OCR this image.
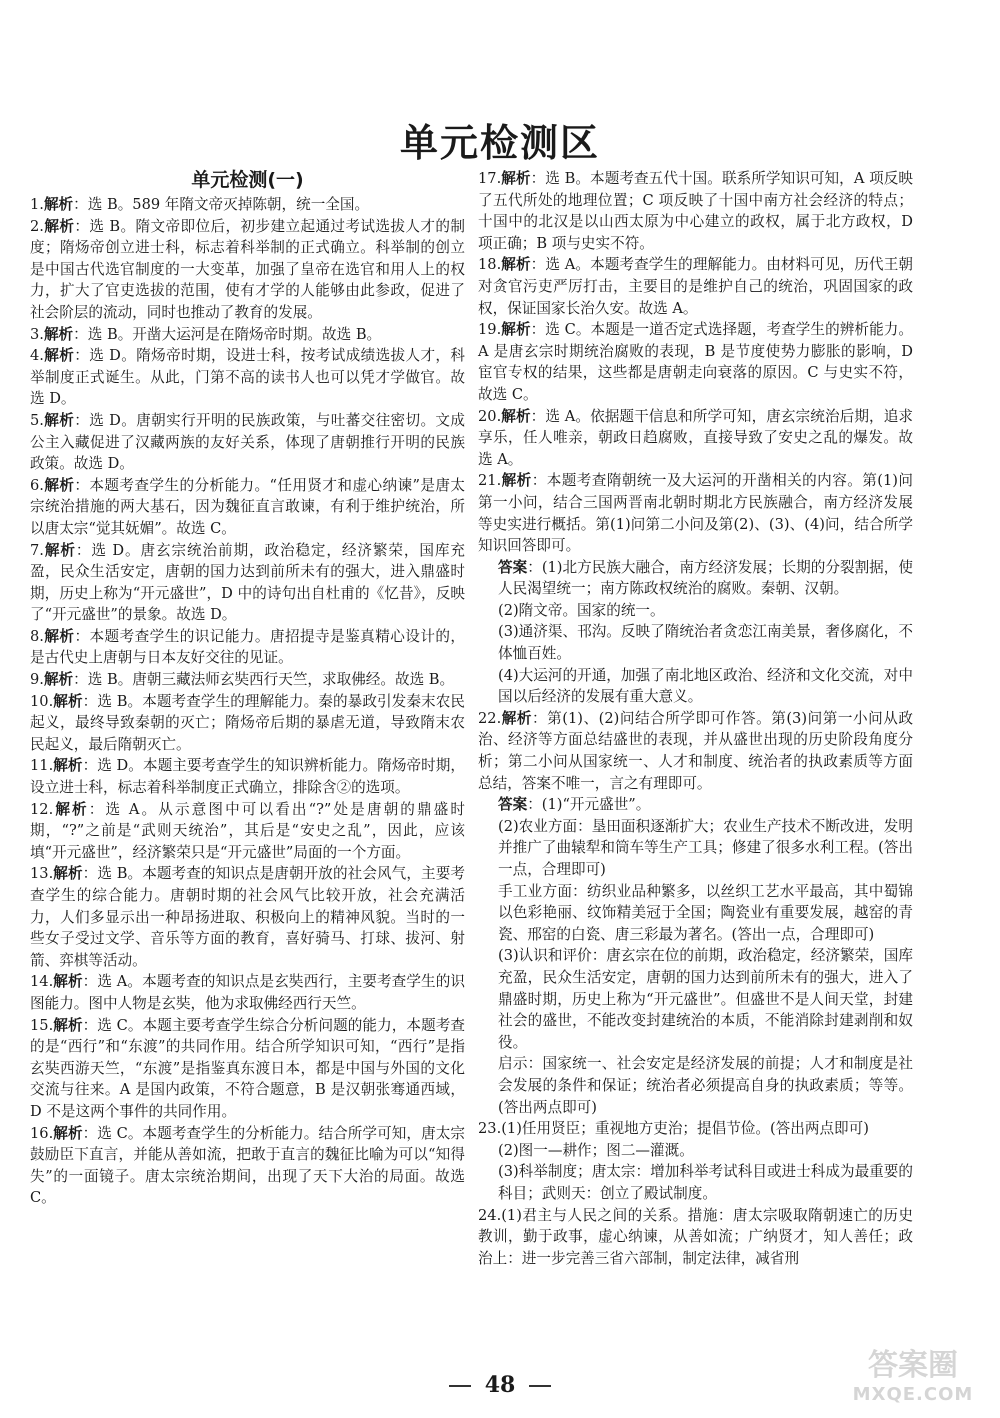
单元检测区
单元检测(一)

1.解析：选 B。589 年隋文帝灭掉陈朝，统一全国。

2.解析：选 B。隋文帝即位后，初步建立起通过考试选拔人才的制度；隋炀帝创立进士科，标志着科举制的正式确立。科举制的创立是中国古代选官制度的一大变革，加强了皇帝在选官和用人上的权力，扩大了官吏选拔的范围，使有才学的人能够由此参政，促进了社会阶层的流动，同时也推动了教育的发展。

3.解析：选 B。开凿大运河是在隋炀帝时期。故选 B。

4.解析：选 D。隋炀帝时期，设进士科，按考试成绩选拔人才，科举制度正式诞生。从此，门第不高的读书人也可以凭才学做官。故选 D。

5.解析：选 D。唐朝实行开明的民族政策，与吐蕃交往密切。文成公主入藏促进了汉藏两族的友好关系，体现了唐朝推行开明的民族政策。故选 D。

6.解析：本题考查学生的分析能力。“任用贤才和虚心纳谏”是唐太宗统治措施的两大基石，因为魏征直言敢谏，有利于维护统治，所以唐太宗“觉其妩媚”。故选 C。

7.解析：选 D。唐玄宗统治前期，政治稳定，经济繁荣，国库充盈，民众生活安定，唐朝的国力达到前所未有的强大，进入鼎盛时期，历史上称为“开元盛世”，D 中的诗句出自杜甫的《忆昔》，反映了“开元盛世”的景象。故选 D。

8.解析：本题考查学生的识记能力。唐招提寺是鉴真精心设计的，是古代史上唐朝与日本友好交往的见证。

9.解析：选 B。唐朝三藏法师玄奘西行天竺，求取佛经。故选 B。

10.解析：选 B。本题考查学生的理解能力。秦的暴政引发秦末农民起义，最终导致秦朝的灭亡；隋炀帝后期的暴虐无道，导致隋末农民起义，最后隋朝灭亡。

11.解析：选 D。本题主要考查学生的知识辨析能力。隋炀帝时期，设立进士科，标志着科举制度正式确立，排除含②的选项。

12.解析：选 A。从示意图中可以看出“?”处是唐朝的鼎盛时期，“?”之前是“武则天统治”，其后是“安史之乱”，因此，应该填“开元盛世”，经济繁荣只是“开元盛世”局面的一个方面。

13.解析：选 B。本题考查的知识点是唐朝开放的社会风气，主要考查学生的综合能力。唐朝时期的社会风气比较开放，社会充满活力，人们多显示出一种昂扬进取、积极向上的精神风貌。当时的一些女子受过文学、音乐等方面的教育，喜好骑马、打球、拔河、射箭、弈棋等活动。

14.解析：选 A。本题考查的知识点是玄奘西行，主要考查学生的识图能力。图中人物是玄奘，他为求取佛经西行天竺。

15.解析：选 C。本题主要考查学生综合分析问题的能力，本题考查的是“西行”和“东渡”的共同作用。结合所学知识可知，“西行”是指玄奘西游天竺，“东渡”是指鉴真东渡日本，都是中国与外国的文化交流与往来。A 是国内政策，不符合题意，B 是汉朝张骞通西域，D 不是这两个事件的共同作用。

16.解析：选 C。本题考查学生的分析能力。结合所学可知，唐太宗鼓励臣下直言，并能从善如流，把敢于直言的魏征比喻为可以“知得失”的一面镜子。唐太宗统治期间，出现了天下大治的局面。故选 C。

17.解析：选 B。本题考查五代十国。联系所学知识可知，A 项反映了五代所处的地理位置；C 项反映了十国中南方社会经济的特点；十国中的北汉是以山西太原为中心建立的政权，属于北方政权，D 项正确；B 项与史实不符。

18.解析：选 A。本题考查学生的理解能力。由材料可见，历代王朝对贪官污吏严厉打击，主要目的是维护自己的统治，巩固国家的政权，保证国家长治久安。故选 A。

19.解析：选 C。本题是一道否定式选择题，考查学生的辨析能力。A 是唐玄宗时期统治腐败的表现，B 是节度使势力膨胀的影响，D 宦官专权的结果，这些都是唐朝走向衰落的原因。C 与史实不符，故选 C。

20.解析：选 A。依据题干信息和所学可知，唐玄宗统治后期，追求享乐，任人唯亲，朝政日趋腐败，直接导致了安史之乱的爆发。故选 A。

21.解析：本题考查隋朝统一及大运河的开凿相关的内容。第(1)问第一小问，结合三国两晋南北朝时期北方民族融合，南方经济发展等史实进行概括。第(1)问第二小问及第(2)、(3)、(4)问，结合所学知识回答即可。

答案：(1)北方民族大融合，南方经济发展；长期的分裂割据，使人民渴望统一；南方陈政权统治的腐败。秦朝、汉朝。

(2)隋文帝。国家的统一。

(3)通济渠、邗沟。反映了隋统治者贪恋江南美景，奢侈腐化，不体恤百姓。

(4)大运河的开通，加强了南北地区政治、经济和文化交流，对中国以后经济的发展有重大意义。

22.解析：第(1)、(2)问结合所学即可作答。第(3)问第一小问从政治、经济等方面总结盛世的表现，并从盛世出现的历史阶段角度分析；第二小问从国家统一、人才和制度、统治者的执政素质等方面总结，答案不唯一，言之有理即可。

答案：(1)“开元盛世”。

(2)农业方面：垦田面积逐渐扩大；农业生产技术不断改进，发明并推广了曲辕犁和筒车等生产工具；修建了很多水利工程。(答出一点，合理即可)

手工业方面：纺织业品种繁多，以丝织工艺水平最高，其中蜀锦以色彩艳丽、纹饰精美冠于全国；陶瓷业有重要发展，越窑的青瓷、邢窑的白瓷、唐三彩最为著名。(答出一点，合理即可)

(3)认识和评价：唐玄宗在位的前期，政治稳定，经济繁荣，国库充盈，民众生活安定，唐朝的国力达到前所未有的强大，进入了鼎盛时期，历史上称为“开元盛世”。但盛世不是人间天堂，封建社会的盛世，不能改变封建统治的本质，不能消除封建剥削和奴役。

启示：国家统一、社会安定是经济发展的前提；人才和制度是社会发展的条件和保证；统治者必须提高自身的执政素质；等等。(答出两点即可)

23.(1)任用贤臣；重视地方吏治；提倡节俭。(答出两点即可)

(2)图一—耕作；图二—灌溉。

(3)科举制度；唐太宗：增加科举考试科目或进士科成为最重要的科目；武则天：创立了殿试制度。

24.(1)君主与人民之间的关系。措施：唐太宗吸取隋朝速亡的历史教训，勤于政事，虚心纳谏，从善如流；广纳贤才，知人善任；政治上：进一步完善三省六部制，制定法律，减省刑

48
答案圈
MXQE.COM
